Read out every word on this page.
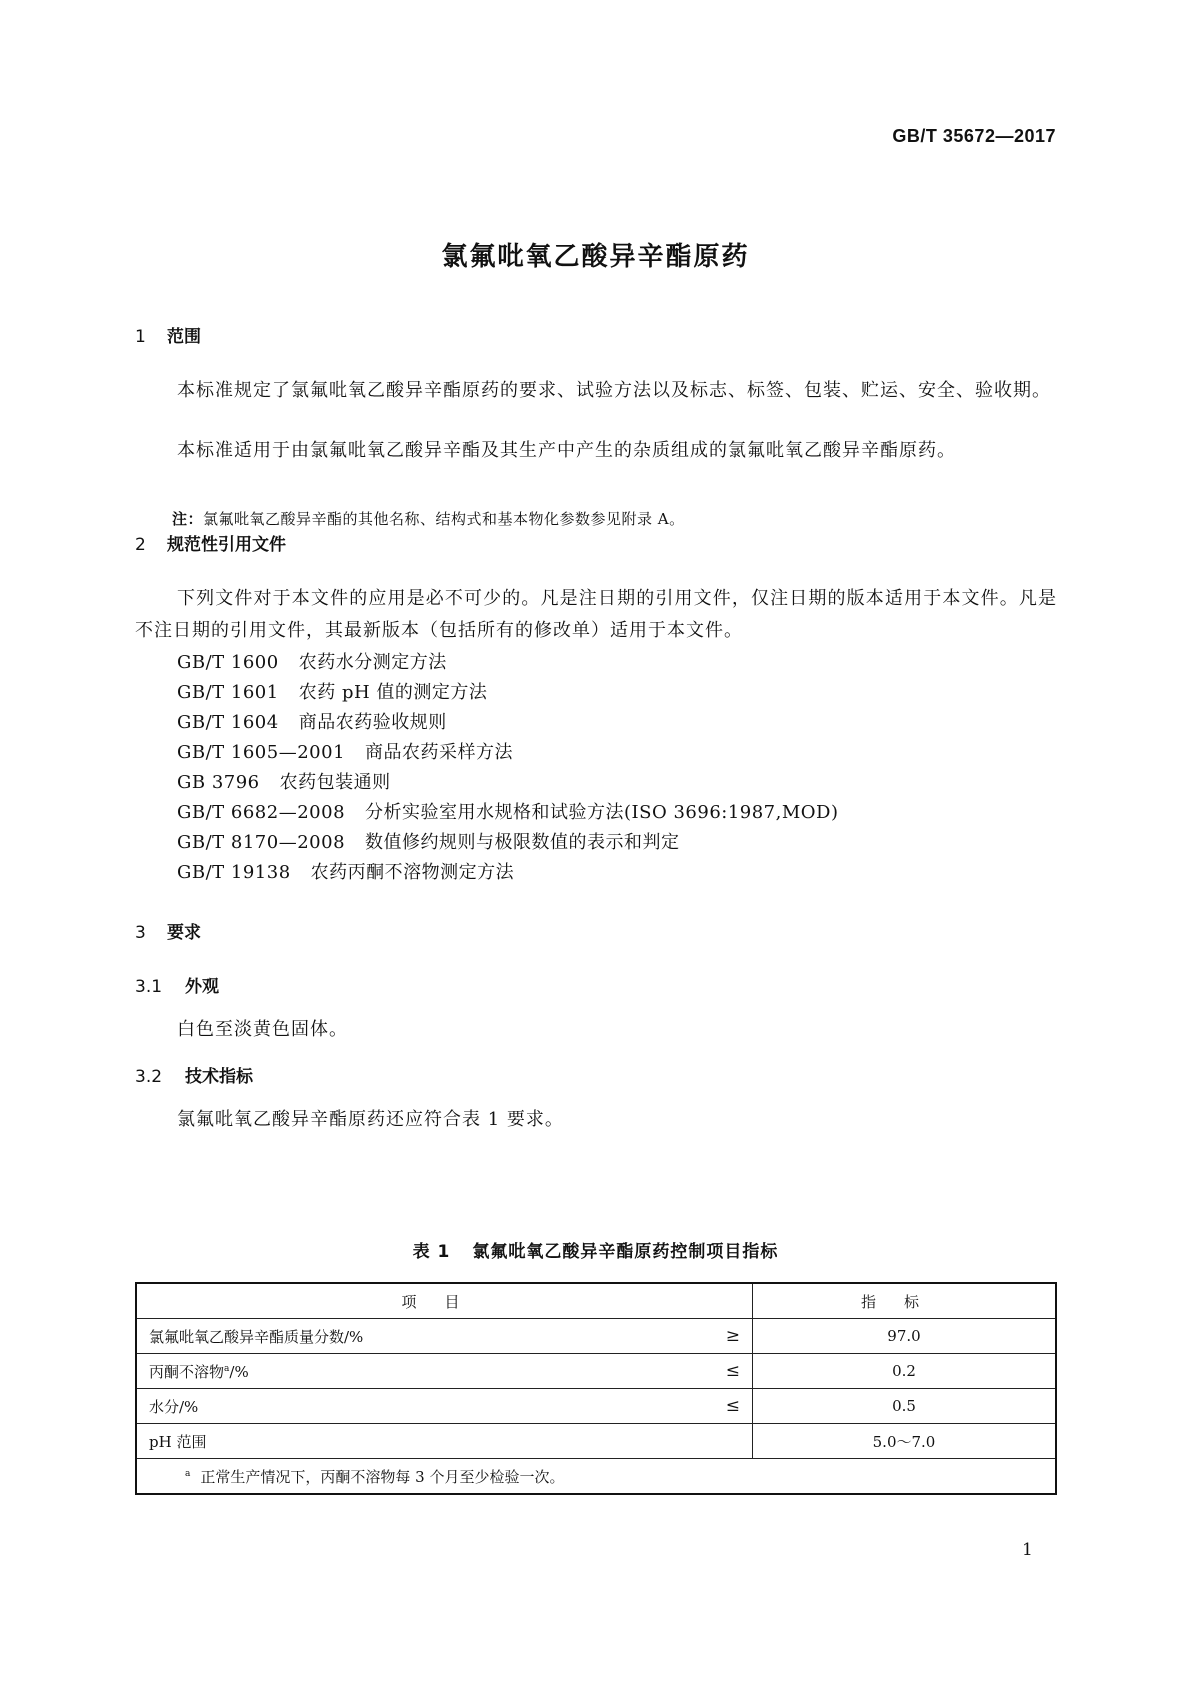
GB/T 35672—2017
氯氟吡氧乙酸异辛酯原药
1 范围
本标准规定了氯氟吡氧乙酸异辛酯原药的要求、试验方法以及标志、标签、包装、贮运、安全、验收期。
本标准适用于由氯氟吡氧乙酸异辛酯及其生产中产生的杂质组成的氯氟吡氧乙酸异辛酯原药。
注：氯氟吡氧乙酸异辛酯的其他名称、结构式和基本物化参数参见附录 A。
2 规范性引用文件
下列文件对于本文件的应用是必不可少的。凡是注日期的引用文件，仅注日期的版本适用于本文件。凡是不注日期的引用文件，其最新版本（包括所有的修改单）适用于本文件。
GB/T 1600 农药水分测定方法
GB/T 1601 农药 pH 值的测定方法
GB/T 1604 商品农药验收规则
GB/T 1605—2001 商品农药采样方法
GB 3796 农药包装通则
GB/T 6682—2008 分析实验室用水规格和试验方法(ISO 3696:1987,MOD)
GB/T 8170—2008 数值修约规则与极限数值的表示和判定
GB/T 19138 农药丙酮不溶物测定方法
3 要求
3.1 外观
白色至淡黄色固体。
3.2 技术指标
氯氟吡氧乙酸异辛酯原药还应符合表 1 要求。
表 1 氯氟吡氧乙酸异辛酯原药控制项目指标
项目	指标
氯氟吡氧乙酸异辛酯质量分数/% ≥	97.0
丙酮不溶物$^a$/% ≤	0.2
水分/% ≤	0.5
pH 范围	5.0～7.0
$^a$ 正常生产情况下，丙酮不溶物每 3 个月至少检验一次。	
1
